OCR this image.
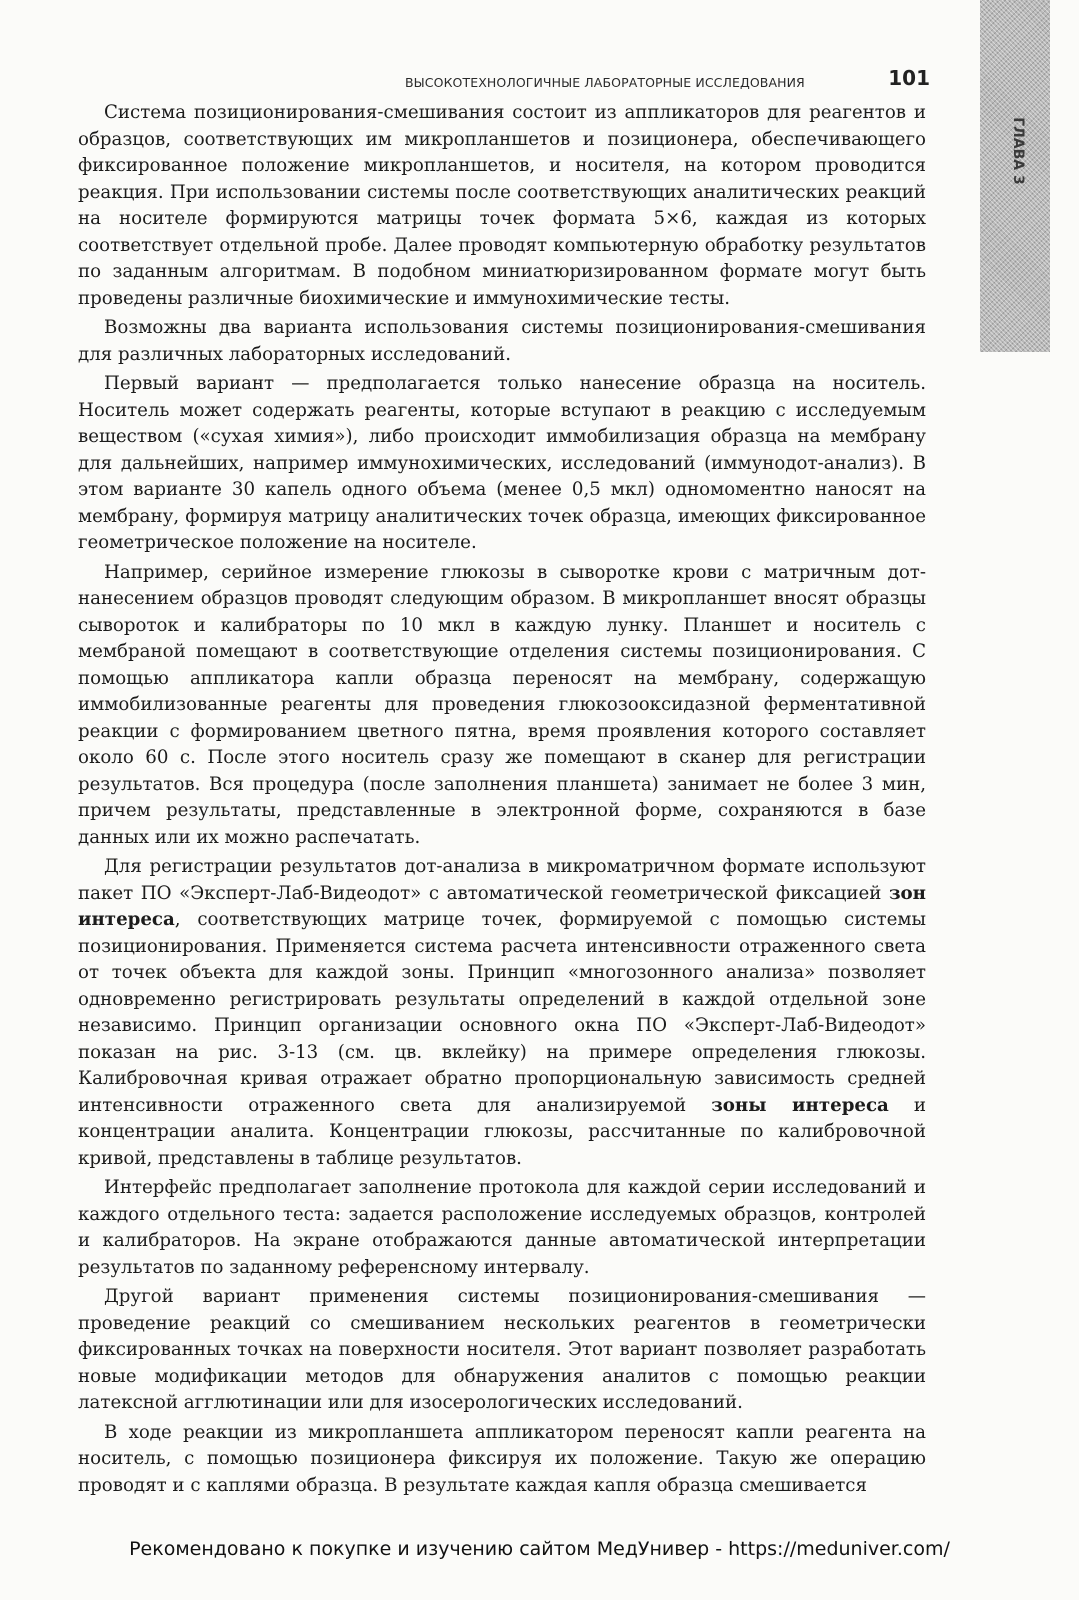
ВЫСОКОТЕХНОЛОГИЧНЫЕ ЛАБОРАТОРНЫЕ ИССЛЕДОВАНИЯ	101
ГЛАВА 3

Система позиционирования-смешивания состоит из аппликаторов для реагентов и образцов, соответствующих им микропланшетов и позиционера, обеспечивающего фиксированное положение микропланшетов, и носителя, на котором проводится реакция. При использовании системы после соответствующих аналитических реакций на носителе формируются матрицы точек формата 5×6, каждая из которых соответствует отдельной пробе. Далее проводят компьютерную обработку результатов по заданным алгоритмам. В подобном миниатюризированном формате могут быть проведены различные биохимические и иммунохимические тесты.

Возможны два варианта использования системы позиционирования-смешивания для различных лабораторных исследований.

Первый вариант — предполагается только нанесение образца на носитель. Носитель может содержать реагенты, которые вступают в реакцию с исследуемым веществом («сухая химия»), либо происходит иммобилизация образца на мембрану для дальнейших, например иммунохимических, исследований (иммунодот-анализ). В этом варианте 30 капель одного объема (менее 0,5 мкл) одномоментно наносят на мембрану, формируя матрицу аналитических точек образца, имеющих фиксированное геометрическое положение на носителе.

Например, серийное измерение глюкозы в сыворотке крови с матричным дот-нанесением образцов проводят следующим образом. В микропланшет вносят образцы сывороток и калибраторы по 10 мкл в каждую лунку. Планшет и носитель с мембраной помещают в соответствующие отделения системы позиционирования. С помощью аппликатора капли образца переносят на мембрану, содержащую иммобилизованные реагенты для проведения глюкозооксидазной ферментативной реакции с формированием цветного пятна, время проявления которого составляет около 60 с. После этого носитель сразу же помещают в сканер для регистрации результатов. Вся процедура (после заполнения планшета) занимает не более 3 мин, причем результаты, представленные в электронной форме, сохраняются в базе данных или их можно распечатать.

Для регистрации результатов дот-анализа в микроматричном формате используют пакет ПО «Эксперт-Лаб-Видеодот» с автоматической геометрической фиксацией зон интереса, соответствующих матрице точек, формируемой с помощью системы позиционирования. Применяется система расчета интенсивности отраженного света от точек объекта для каждой зоны. Принцип «многозонного анализа» позволяет одновременно регистрировать результаты определений в каждой отдельной зоне независимо. Принцип организации основного окна ПО «Эксперт-Лаб-Видеодот» показан на рис. 3-13 (см. цв. вклейку) на примере определения глюкозы. Калибровочная кривая отражает обратно пропорциональную зависимость средней интенсивности отраженного света для анализируемой зоны интереса и концентрации аналита. Концентрации глюкозы, рассчитанные по калибровочной кривой, представлены в таблице результатов.

Интерфейс предполагает заполнение протокола для каждой серии исследований и каждого отдельного теста: задается расположение исследуемых образцов, контролей и калибраторов. На экране отображаются данные автоматической интерпретации результатов по заданному референсному интервалу.

Другой вариант применения системы позиционирования-смешивания — проведение реакций со смешиванием нескольких реагентов в геометрически фиксированных точках на поверхности носителя. Этот вариант позволяет разработать новые модификации методов для обнаружения аналитов с помощью реакции латексной агглютинации или для изосерологических исследований.

В ходе реакции из микропланшета аппликатором переносят капли реагента на носитель, с помощью позиционера фиксируя их положение. Такую же операцию проводят и с каплями образца. В результате каждая капля образца смешивается

Рекомендовано к покупке и изучению сайтом МедУнивер - https://meduniver.com/
